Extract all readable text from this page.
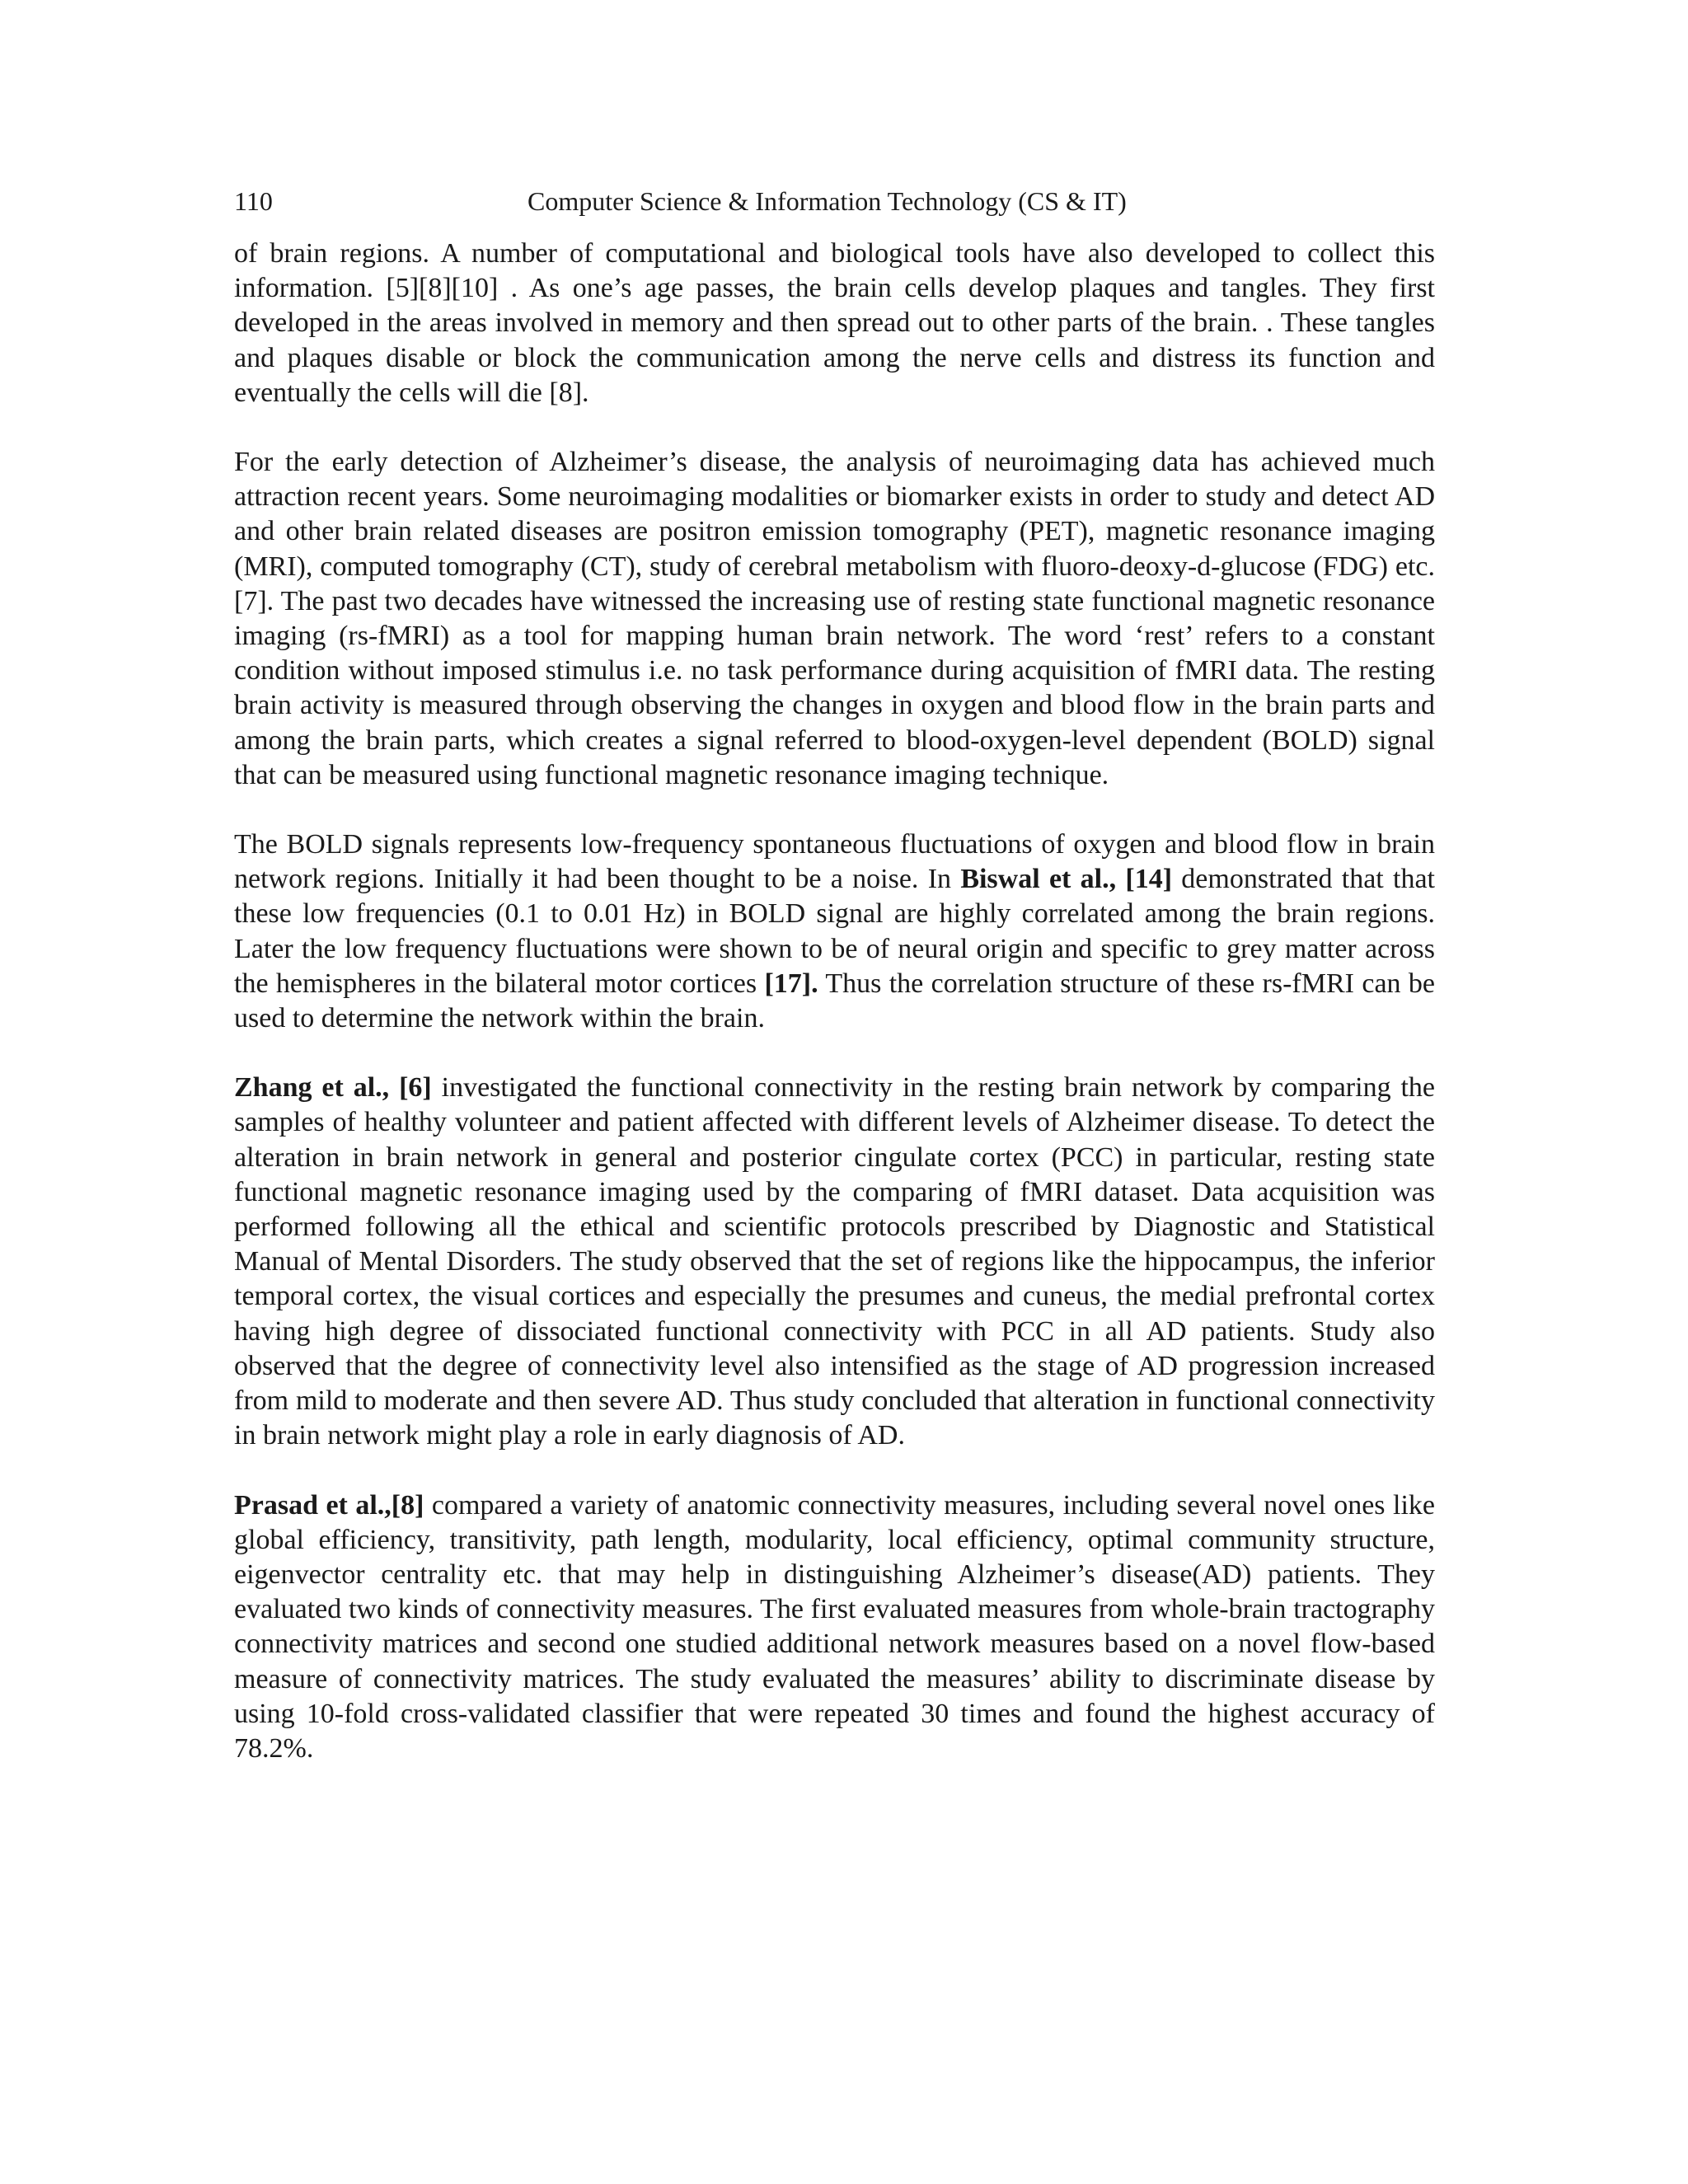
110	Computer Science & Information Technology (CS & IT)

of brain regions. A number of computational and biological tools have also developed to collect this information. [5][8][10] . As one’s age passes, the brain cells develop plaques and tangles. They first developed in the areas involved in memory and then spread out to other parts of the brain. . These tangles and plaques disable or block the communication among the nerve cells and distress its function and eventually the cells will die [8].

For the early detection of Alzheimer’s disease, the analysis of neuroimaging data has achieved much attraction recent years. Some neuroimaging modalities or biomarker exists in order to study and detect AD and other brain related diseases are positron emission tomography (PET), magnetic resonance imaging (MRI), computed tomography (CT), study of cerebral metabolism with fluoro-deoxy-d-glucose (FDG) etc. [7]. The past two decades have witnessed the increasing use of resting state functional magnetic resonance imaging (rs-fMRI) as a tool for mapping human brain network. The word ‘rest’ refers to a constant condition without imposed stimulus i.e. no task performance during acquisition of fMRI data. The resting brain activity is measured through observing the changes in oxygen and blood flow in the brain parts and among the brain parts, which creates a signal referred to blood-oxygen-level dependent (BOLD) signal that can be measured using functional magnetic resonance imaging technique.

The BOLD signals represents low-frequency spontaneous fluctuations of oxygen and blood flow in brain network regions. Initially it had been thought to be a noise. In Biswal et al., [14] demonstrated that that these low frequencies (0.1 to 0.01 Hz) in BOLD signal are highly correlated among the brain regions. Later the low frequency fluctuations were shown to be of neural origin and specific to grey matter across the hemispheres in the bilateral motor cortices [17]. Thus the correlation structure of these rs-fMRI can be used to determine the network within the brain.

Zhang et al., [6] investigated the functional connectivity in the resting brain network by comparing the samples of healthy volunteer and patient affected with different levels of Alzheimer disease. To detect the alteration in brain network in general and posterior cingulate cortex (PCC) in particular, resting state functional magnetic resonance imaging used by the comparing of fMRI dataset. Data acquisition was performed following all the ethical and scientific protocols prescribed by Diagnostic and Statistical Manual of Mental Disorders. The study observed that the set of regions like the hippocampus, the inferior temporal cortex, the visual cortices and especially the presumes and cuneus, the medial prefrontal cortex having high degree of dissociated functional connectivity with PCC in all AD patients. Study also observed that the degree of connectivity level also intensified as the stage of AD progression increased from mild to moderate and then severe AD. Thus study concluded that alteration in functional connectivity in brain network might play a role in early diagnosis of AD.

Prasad et al.,[8] compared a variety of anatomic connectivity measures, including several novel ones like global efficiency, transitivity, path length, modularity, local efficiency, optimal community structure, eigenvector centrality etc. that may help in distinguishing Alzheimer’s disease(AD) patients. They evaluated two kinds of connectivity measures. The first evaluated measures from whole-brain tractography connectivity matrices and second one studied additional network measures based on a novel flow-based measure of connectivity matrices. The study evaluated the measures’ ability to discriminate disease by using 10-fold cross-validated classifier that were repeated 30 times and found the highest accuracy of 78.2%.
